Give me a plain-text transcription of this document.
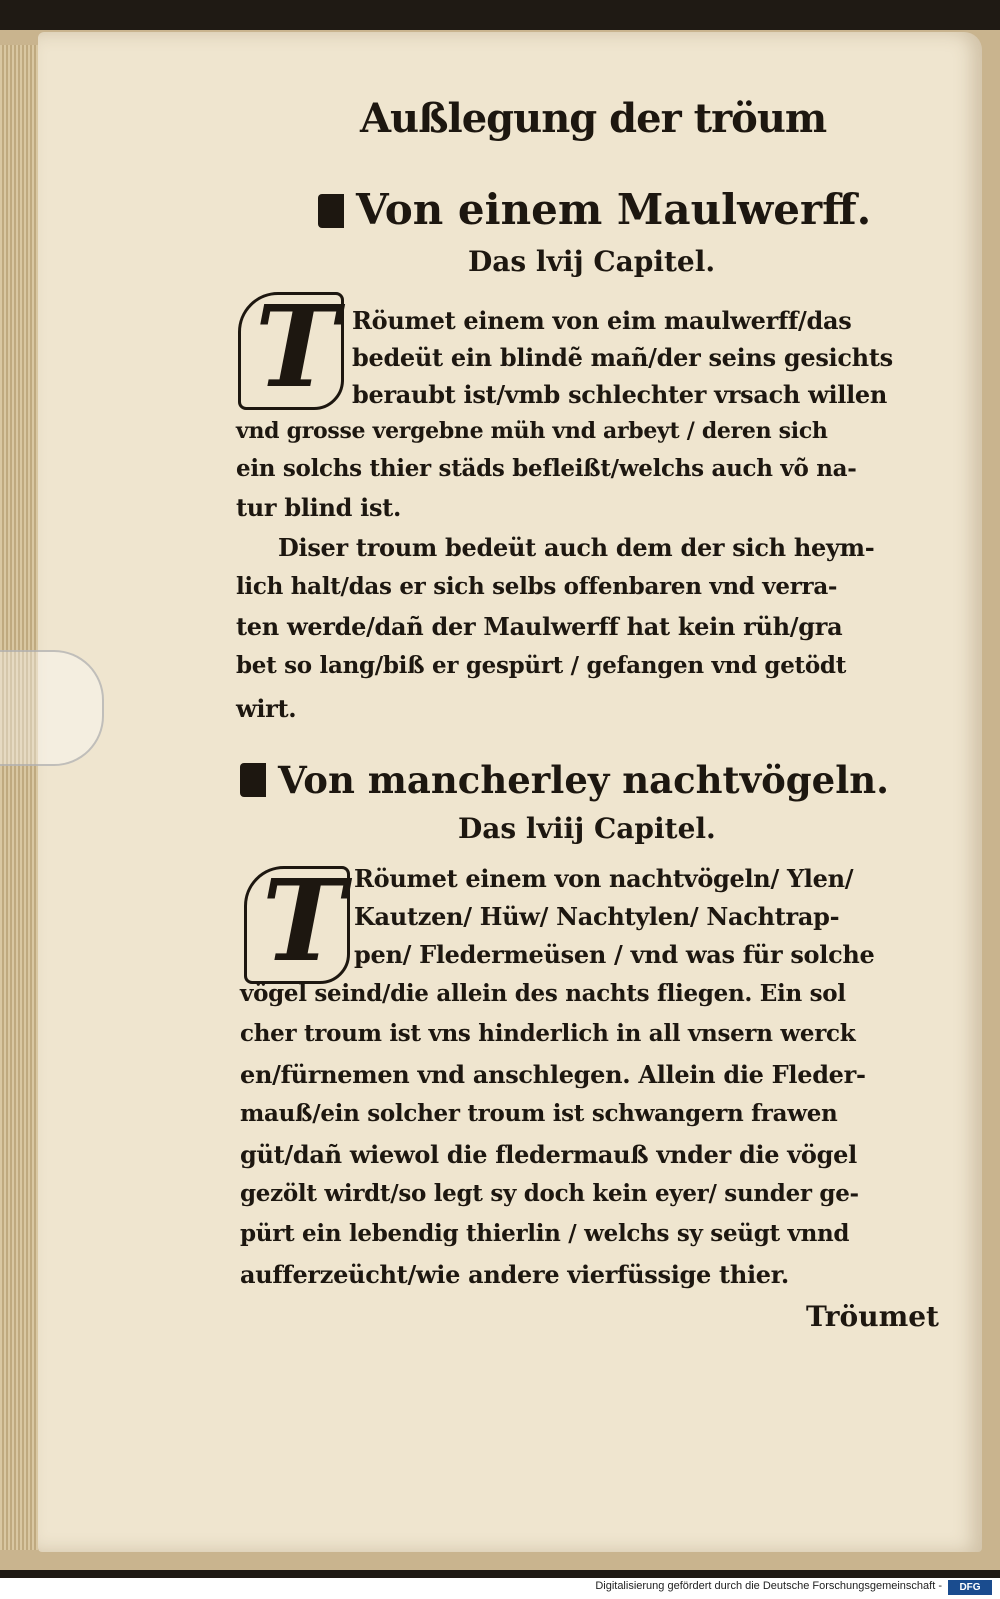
Außlegung der tröum
Von einem Maulwerff.
Das lvij Capitel.
T Röumet einem von eim maulwerff/das
bedeüt ein blindẽ mañ/der seins gesichts
beraubt ist/vmb schlechter vrsach willen
vnd grosse vergebne müh vnd arbeyt / deren sich
ein solchs thier städs befleißt/welchs auch võ na-
tur blind ist.
Diser troum bedeüt auch dem der sich heym-
lich halt/das er sich selbs offenbaren vnd verra-
ten werde/dañ der Maulwerff hat kein rüh/gra
bet so lang/biß er gespürt / gefangen vnd getödt
wirt.
Von mancherley nachtvögeln.
Das lviij Capitel.
T Röumet einem von nachtvögeln/ Ylen/
Kautzen/ Hüw/ Nachtylen/ Nachtrap-
pen/ Fledermeüsen / vnd was für solche
vögel seind/die allein des nachts fliegen. Ein sol
cher troum ist vns hinderlich in all vnsern werck
en/fürnemen vnd anschlegen. Allein die Fleder-
mauß/ein solcher troum ist schwangern frawen
güt/dañ wiewol die fledermauß vnder die vögel
gezölt wirdt/so legt sy doch kein eyer/ sunder ge-
pürt ein lebendig thierlin / welchs sy seügt vnnd
aufferzeücht/wie andere vierfüssige thier.
Tröumet
Digitalisierung gefördert durch die Deutsche Forschungsgemeinschaft -	DFG
